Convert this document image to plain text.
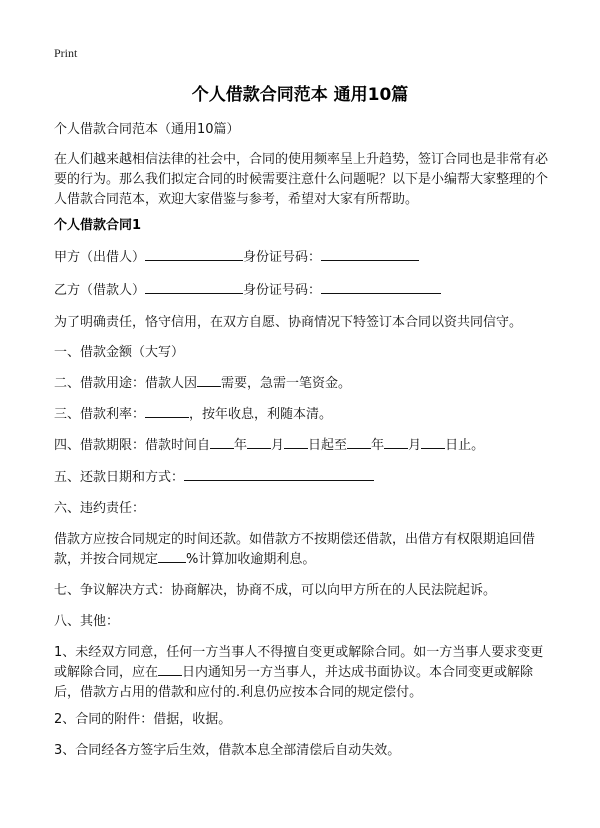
Print
个人借款合同范本 通用10篇
个人借款合同范本（通用10篇）
在人们越来越相信法律的社会中，合同的使用频率呈上升趋势，签订合同也是非常有必要的行为。那么我们拟定合同的时候需要注意什么问题呢？以下是小编帮大家整理的个人借款合同范本，欢迎大家借鉴与参考，希望对大家有所帮助。
个人借款合同1
甲方（出借人）	身份证号码：
乙方（借款人）	身份证号码：
为了明确责任，恪守信用，在双方自愿、协商情况下特签订本合同以资共同信守。
一、借款金额（大写）
二、借款用途：借款人因 需要，急需一笔资金。
三、借款利率：	，按年收息，利随本清。
四、借款期限：借款时间自 年 月 日起至 年 月 日止。
五、还款日期和方式：
六、违约责任：
借款方应按合同规定的时间还款。如借款方不按期偿还借款，出借方有权限期追回借款，并按合同规定 %计算加收逾期利息。
七、争议解决方式：协商解决，协商不成，可以向甲方所在的人民法院起诉。
八、其他：
1、未经双方同意，任何一方当事人不得擅自变更或解除合同。如一方当事人要求变更或解除合同，应在 日内通知另一方当事人，并达成书面协议。本合同变更或解除后，借款方占用的借款和应付的.利息仍应按本合同的规定偿付。
2、合同的附件：借据，收据。
3、合同经各方签字后生效，借款本息全部清偿后自动失效。
